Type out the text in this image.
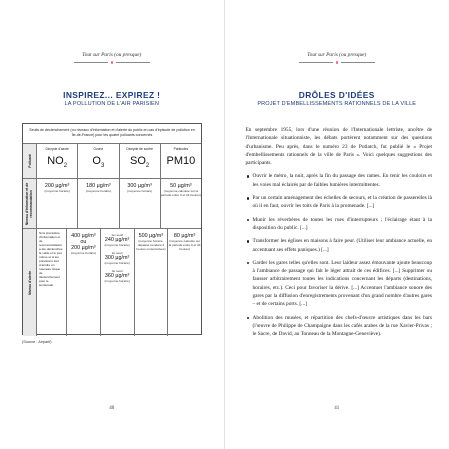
Tout sur Paris (ou presque)
INSPIREZ... EXPIREZ !
LA POLLUTION DE L'AIR PARISIEN
Seuils de déclenchement (ou niveaux d'information et d'alerte du public en cas d'épisode de pollution en Île-de-France) pour les quatre polluants concernés
Polluant
Dioxyde d'azote
$NO_2$
Ozone
$O_3$
Dioxyde de soufre
$SO_2$
Particules
PM10
Niveau d'information et de recommandation
200 µg/m³
(moyenne horaire)
180 µg/m³
(moyenne horaire)
300 µg/m³
(moyenne horaire)
50 µg/m³
(moyenne calculée sur la période entre 0 et 24 heures)
Niveau d'alerte
Si la procédure d'information et de recommandation a été déclenchée la veille et le jour même et si les prévisions font craindre un nouveau risque de déclenchement pour le lendemain.
400 µg/m³
ou
200 µg/m³
(moyenne horaire)
1er seuil
240 µg/m³
(moyenne horaire)
2e seuil
300 µg/m³
(moyenne horaire)
3e seuil
360 µg/m³
(moyenne horaire)
500 µg/m³
(moyenne horaire, dépassé pendant 3 heures consécutives)
80 µg/m³
(moyenne calculée sur la période entre 0 et 24 heures)
(Source : Airparif)
40
Tout sur Paris (ou presque)
DRÔLES D'IDÉES
PROJET D'EMBELLISSEMENTS RATIONNELS DE LA VILLE

En septembre 1955, lors d'une réunion de l'Internationale lettriste, ancêtre de l'Internationale situationniste, les débats portèrent notamment sur des questions d'urbanisme. Peu après, dans le numéro 23 de Potlatch, fut publié le « Projet d'embellissements rationnels de la ville de Paris ». Voici quelques suggestions des participants.

Ouvrir le métro, la nuit, après la fin du passage des rames. En tenir les couloirs et les voies mal éclairés par de faibles lumières intermittentes.
Par un certain aménagement des échelles de secours, et la création de passerelles là où il en faut, ouvrir les toits de Paris à la promenade. [...]
Munir les réverbères de toutes les rues d'interrupteurs ; l'éclairage étant à la disposition du public. [...]
Transformer les églises en maisons à faire peur. (Utiliser leur ambiance actuelle, en accentuant ses effets paniques.) [...]
Garder les gares telles qu'elles sont. Leur laideur assez émouvante ajoute beaucoup à l'ambiance de passage qui fait le léger attrait de ces édifices. [...] Supprimer ou fausser arbitrairement toutes les indications concernant les départs (destinations, horaires, etc.). Ceci pour favoriser la dérive. [...] Accentuer l'ambiance sonore des gares par la diffusion d'enregistrements provenant d'un grand nombre d'autres gares – et de certains ports. [...]
Abolition des musées, et répartition des chefs-d'œuvre artistiques dans les bars (l'œuvre de Philippe de Champaigne dans les cafés arabes de la rue Xavier-Privas ; le Sacre, de David, au Tonneau de la Montagne-Geneviève).
41
